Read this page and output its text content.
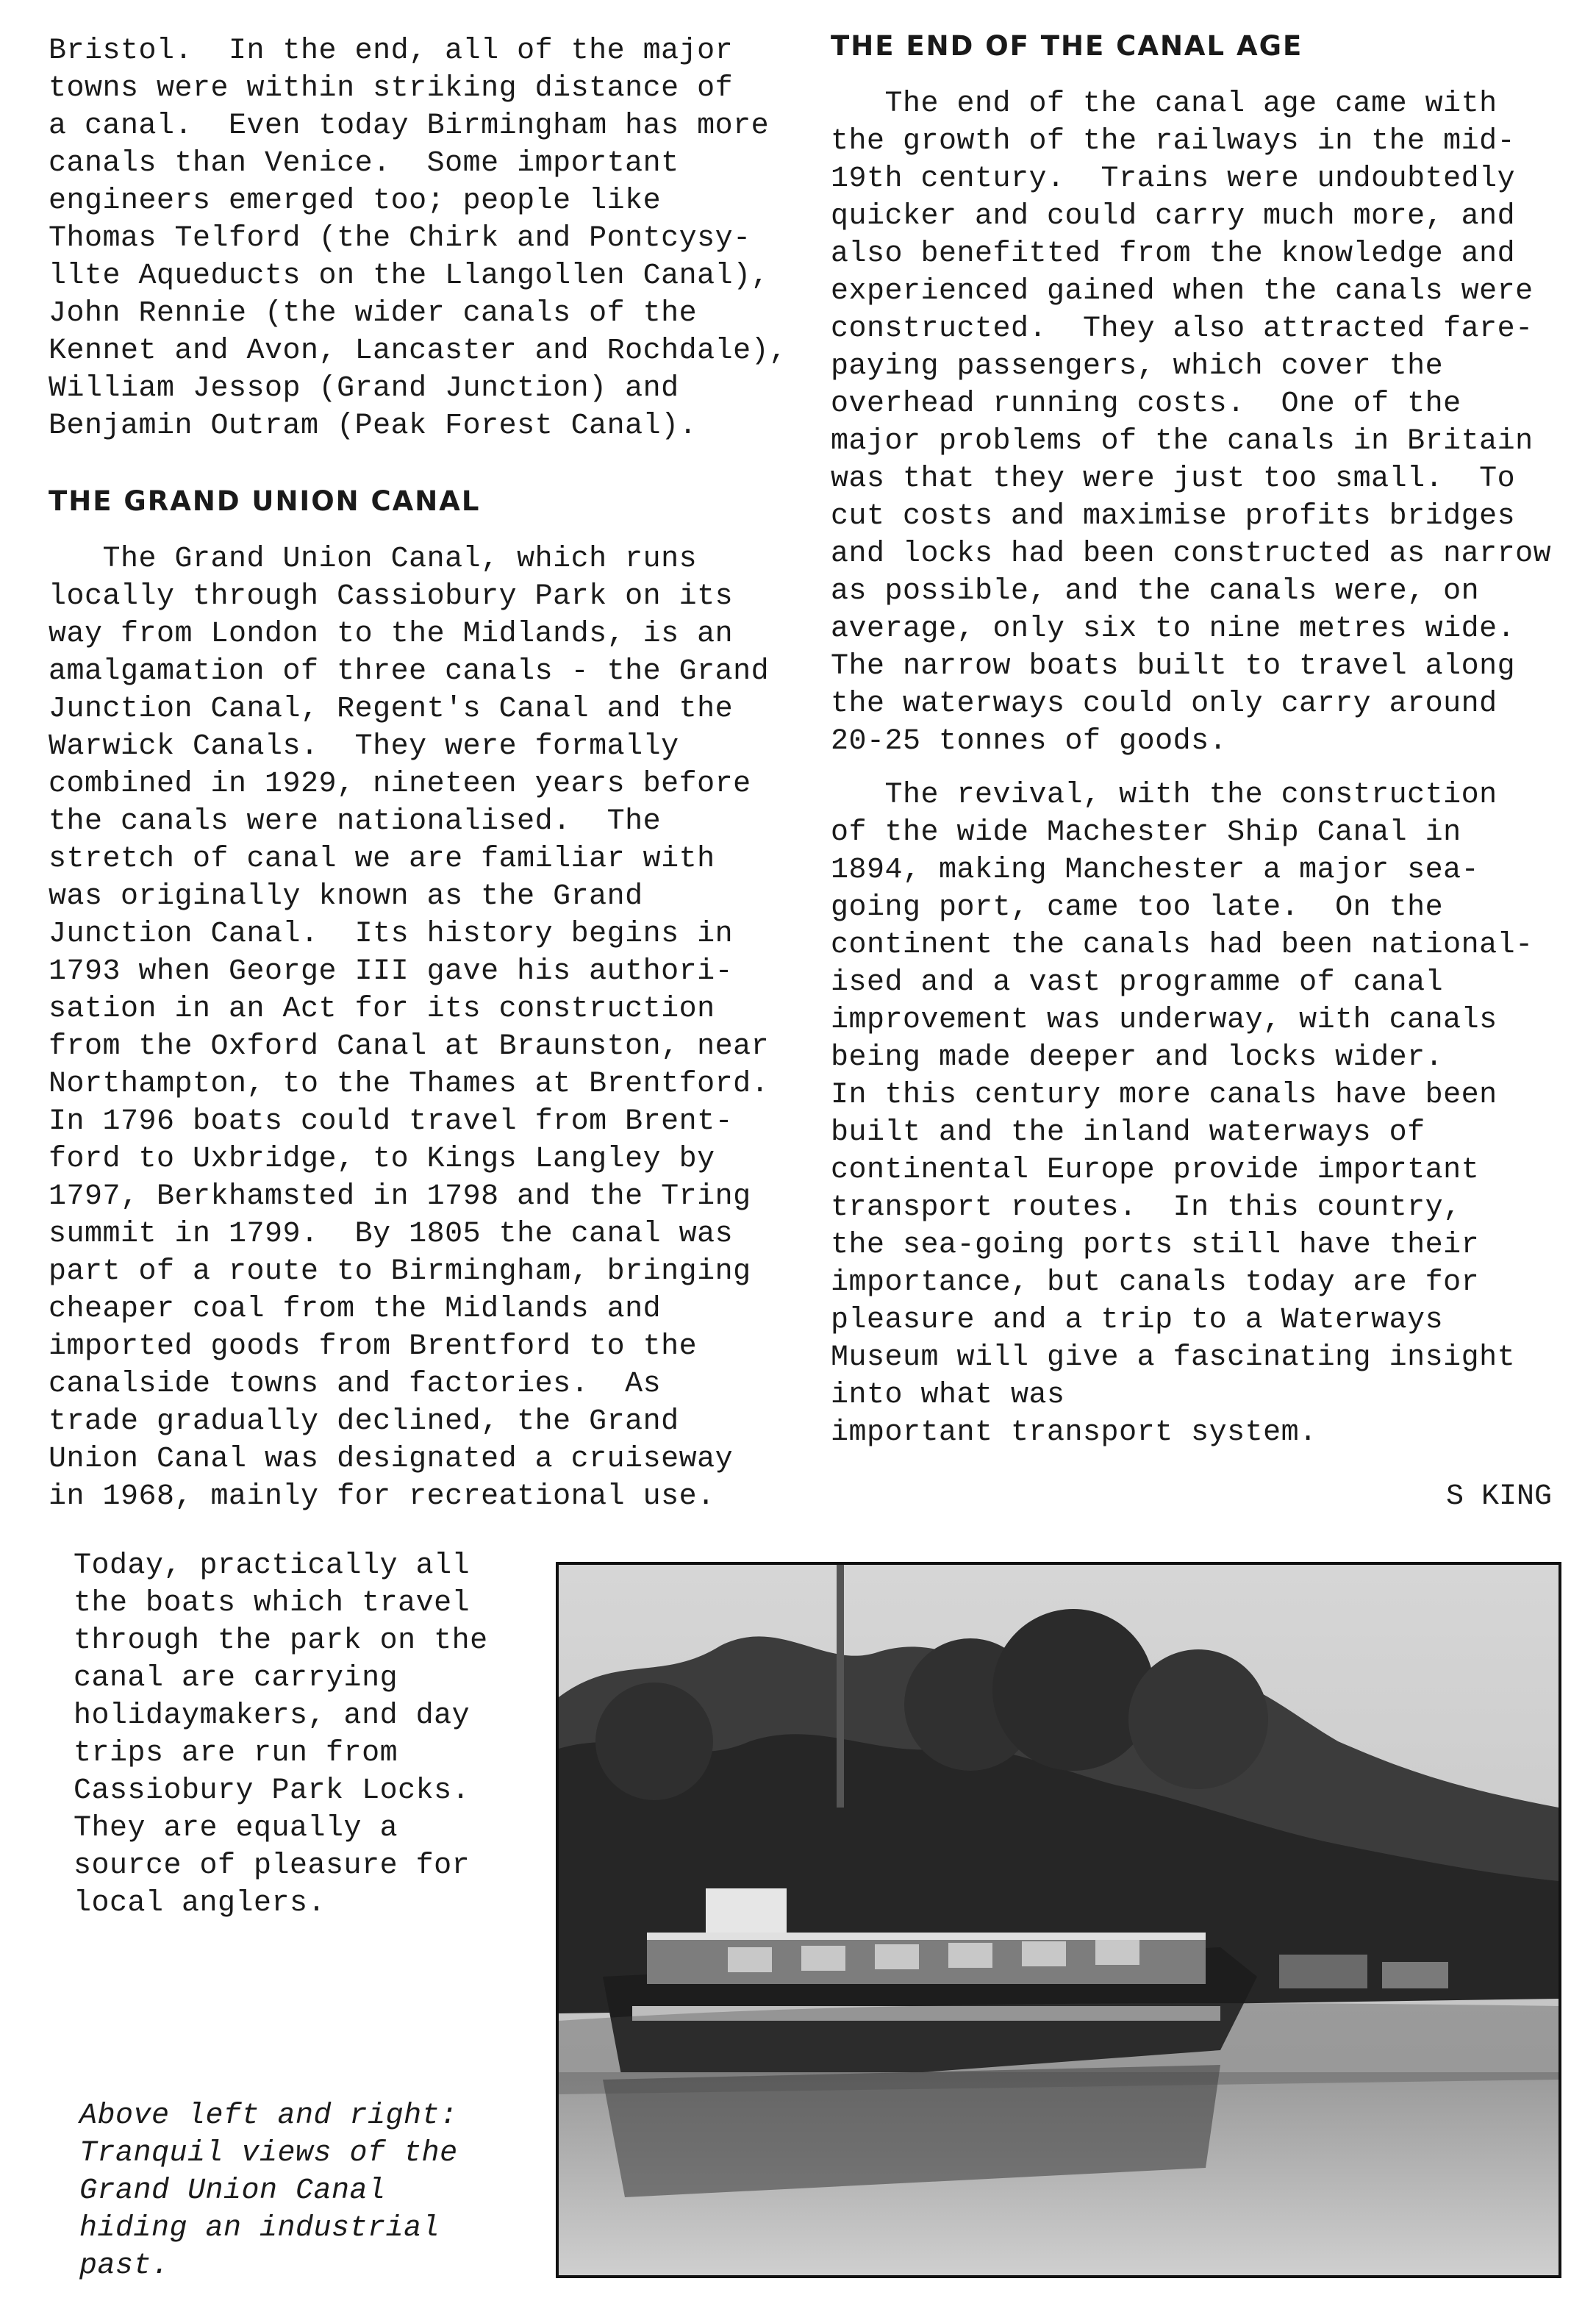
Bristol.  In the end, all of the major
towns were within striking distance of
a canal.  Even today Birmingham has more
canals than Venice.  Some important
engineers emerged too; people like
Thomas Telford (the Chirk and Pontcysy-
llte Aqueducts on the Llangollen Canal),
John Rennie (the wider canals of the
Kennet and Avon, Lancaster and Rochdale),
William Jessop (Grand Junction) and
Benjamin Outram (Peak Forest Canal).
THE GRAND UNION CANAL
The Grand Union Canal, which runs
locally through Cassiobury Park on its
way from London to the Midlands, is an
amalgamation of three canals - the Grand
Junction Canal, Regent's Canal and the
Warwick Canals.  They were formally
combined in 1929, nineteen years before
the canals were nationalised.  The
stretch of canal we are familiar with
was originally known as the Grand
Junction Canal.  Its history begins in
1793 when George III gave his authori-
sation in an Act for its construction
from the Oxford Canal at Braunston, near
Northampton, to the Thames at Brentford.
In 1796 boats could travel from Brent-
ford to Uxbridge, to Kings Langley by
1797, Berkhamsted in 1798 and the Tring
summit in 1799.  By 1805 the canal was
part of a route to Birmingham, bringing
cheaper coal from the Midlands and
imported goods from Brentford to the
canalside towns and factories.  As
trade gradually declined, the Grand
Union Canal was designated a cruiseway
in 1968, mainly for recreational use.
THE END OF THE CANAL AGE
The end of the canal age came with
the growth of the railways in the mid-
19th century.  Trains were undoubtedly
quicker and could carry much more, and
also benefitted from the knowledge and
experienced gained when the canals were
constructed.  They also attracted fare-
paying passengers, which cover the
overhead running costs.  One of the
major problems of the canals in Britain
was that they were just too small.  To
cut costs and maximise profits bridges
and locks had been constructed as narrow
as possible, and the canals were, on
average, only six to nine metres wide.
The narrow boats built to travel along
the waterways could only carry around
20-25 tonnes of goods.
The revival, with the construction
of the wide Machester Ship Canal in
1894, making Manchester a major sea-
going port, came too late.  On the
continent the canals had been national-
ised and a vast programme of canal
improvement was underway, with canals
being made deeper and locks wider.
In this century more canals have been
built and the inland waterways of
continental Europe provide important
transport routes.  In this country,
the sea-going ports still have their
importance, but canals today are for
pleasure and a trip to a Waterways
Museum will give a fascinating insight
into what was
important transport system.
S KING
Today, practically all
the boats which travel
through the park on the
canal are carrying
holidaymakers, and day
trips are run from
Cassiobury Park Locks.
They are equally a
source of pleasure for
local anglers.
Above left and right:
Tranquil views of the
Grand Union Canal
hiding an industrial
past.
